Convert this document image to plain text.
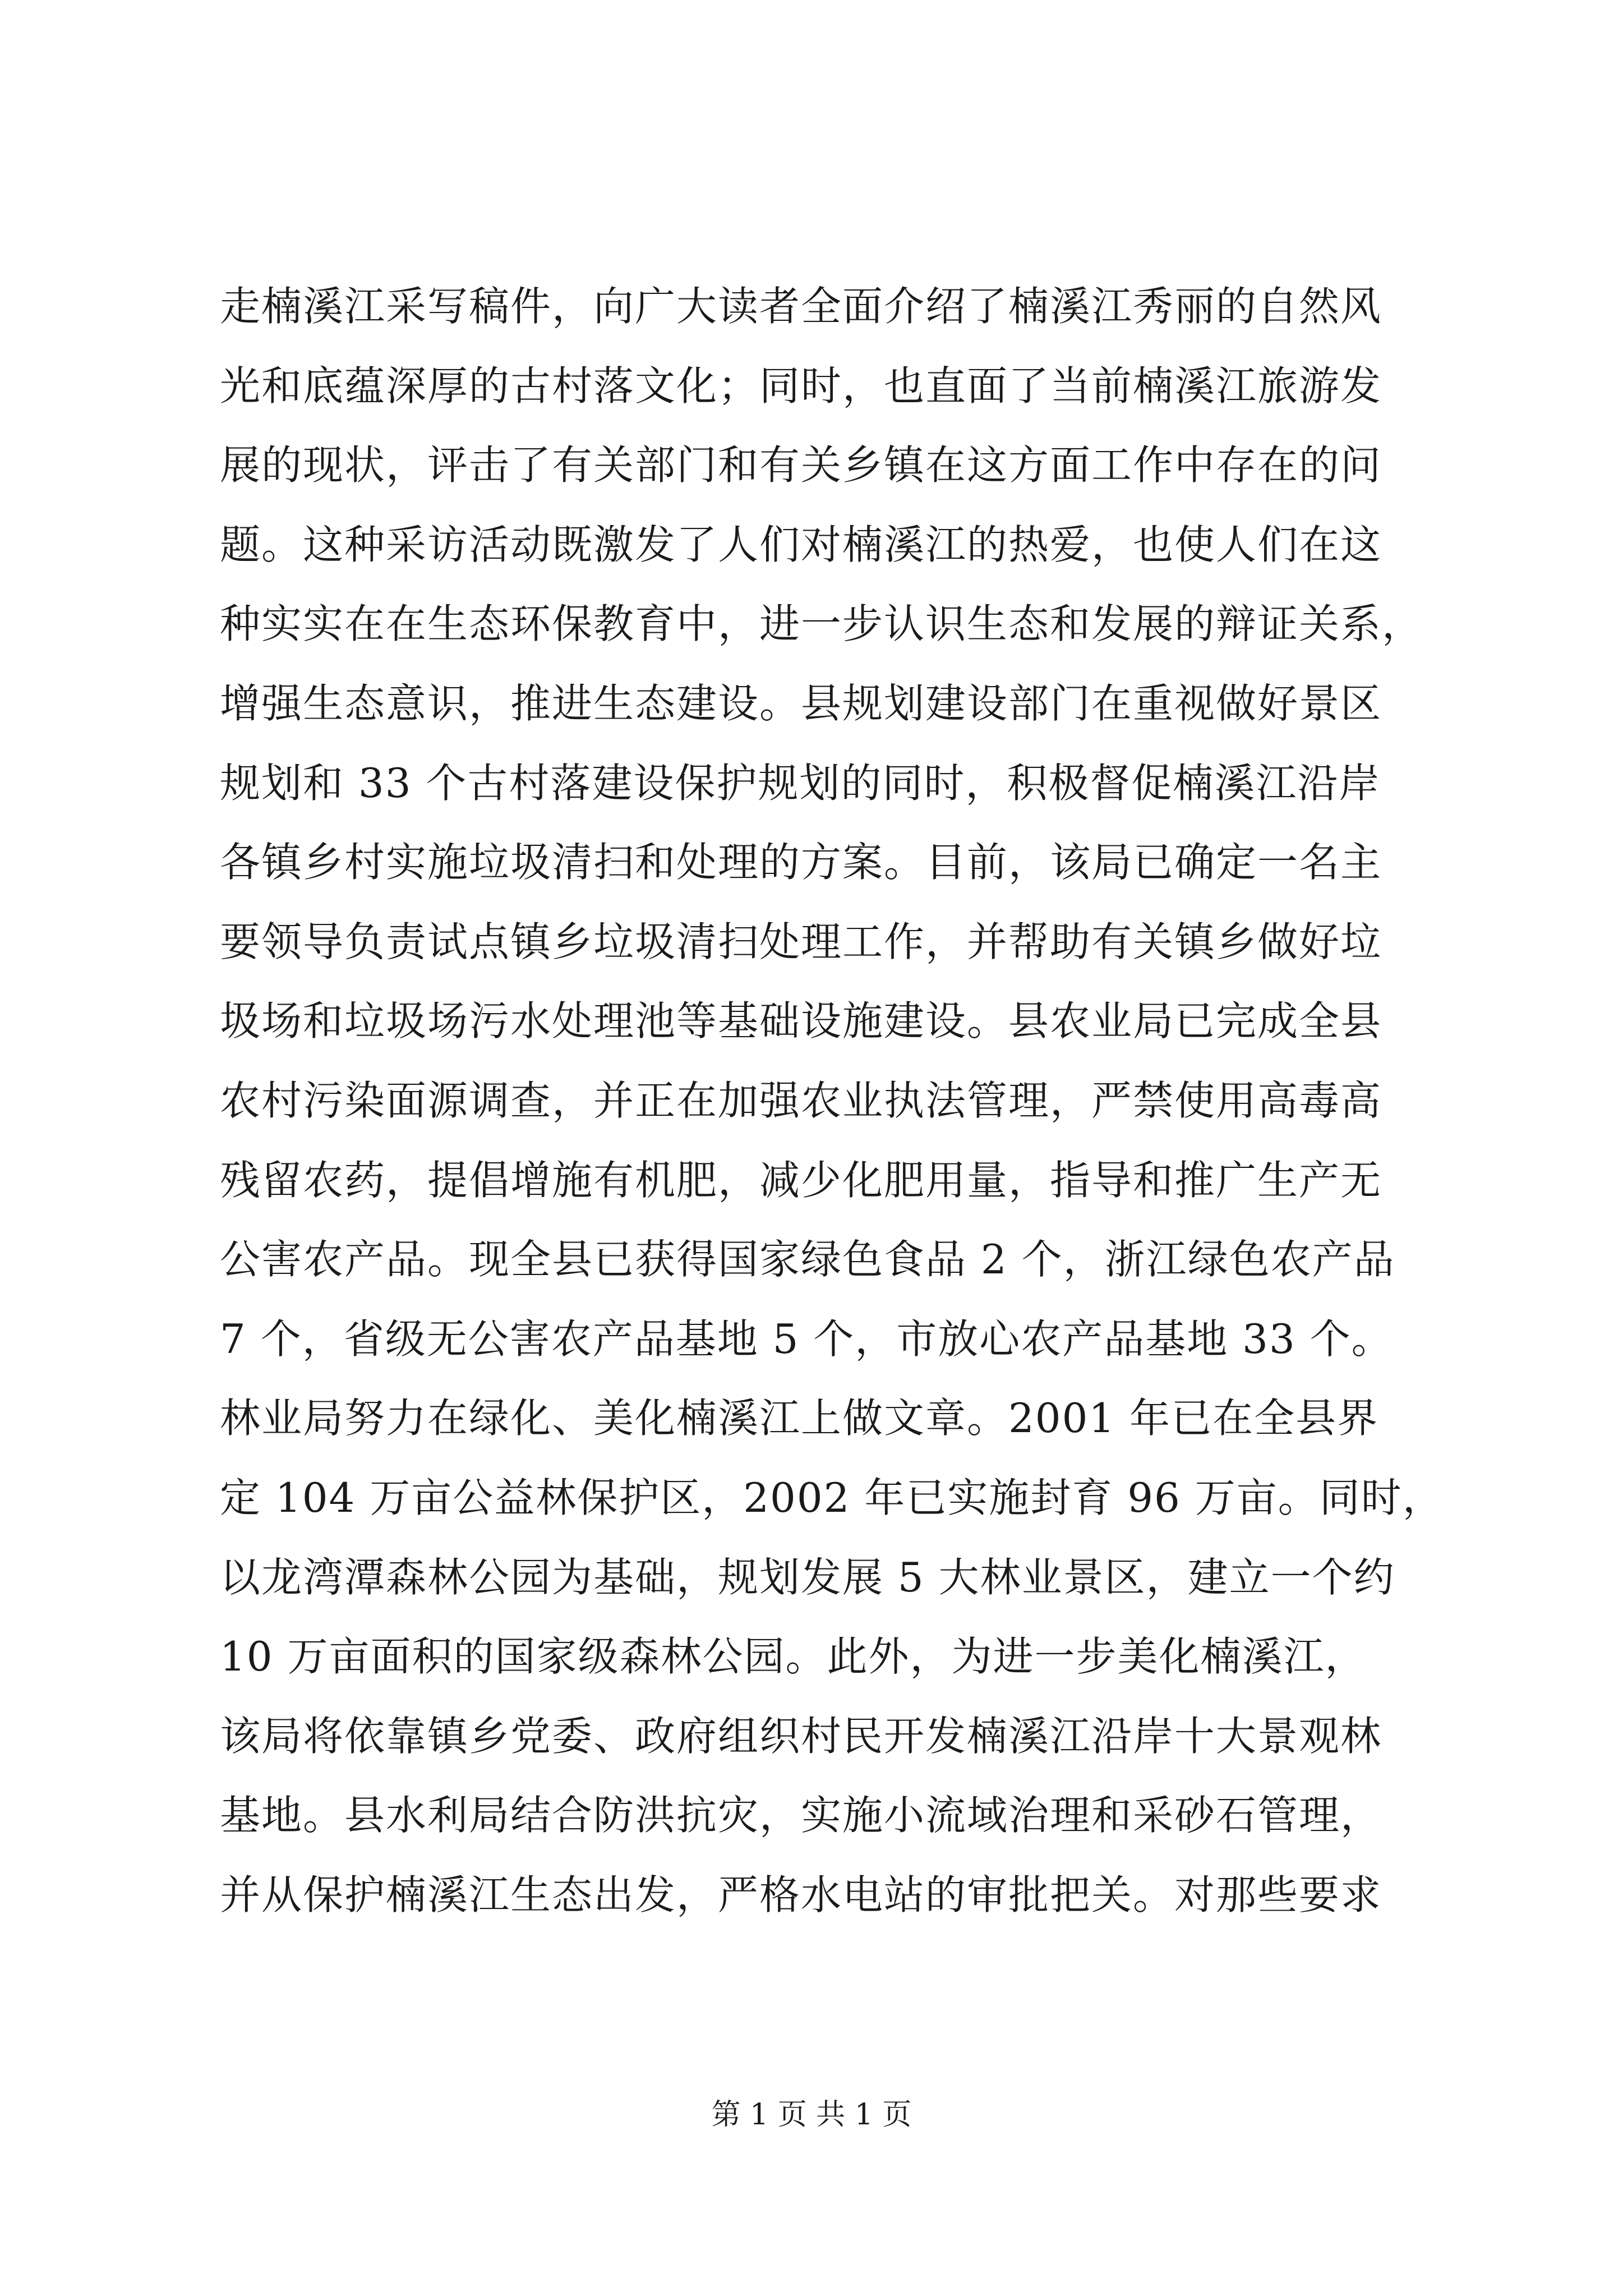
走楠溪江采写稿件，向广大读者全面介绍了楠溪江秀丽的自然风
光和底蕴深厚的古村落文化；同时，也直面了当前楠溪江旅游发
展的现状，评击了有关部门和有关乡镇在这方面工作中存在的问
题。这种采访活动既激发了人们对楠溪江的热爱，也使人们在这
种实实在在生态环保教育中，进一步认识生态和发展的辩证关系，
增强生态意识，推进生态建设。县规划建设部门在重视做好景区
规划和 33 个古村落建设保护规划的同时，积极督促楠溪江沿岸
各镇乡村实施垃圾清扫和处理的方案。目前，该局已确定一名主
要领导负责试点镇乡垃圾清扫处理工作，并帮助有关镇乡做好垃
圾场和垃圾场污水处理池等基础设施建设。县农业局已完成全县
农村污染面源调查，并正在加强农业执法管理，严禁使用高毒高
残留农药，提倡增施有机肥，减少化肥用量，指导和推广生产无
公害农产品。现全县已获得国家绿色食品 2 个，浙江绿色农产品
7 个，省级无公害农产品基地 5 个，市放心农产品基地 33 个。
林业局努力在绿化、美化楠溪江上做文章。2001 年已在全县界
定 104 万亩公益林保护区，2002 年已实施封育 96 万亩。同时，
以龙湾潭森林公园为基础，规划发展 5 大林业景区，建立一个约
10 万亩面积的国家级森林公园。此外，为进一步美化楠溪江，
该局将依靠镇乡党委、政府组织村民开发楠溪江沿岸十大景观林
基地。县水利局结合防洪抗灾，实施小流域治理和采砂石管理，
并从保护楠溪江生态出发，严格水电站的审批把关。对那些要求
第 1 页 共 1 页
